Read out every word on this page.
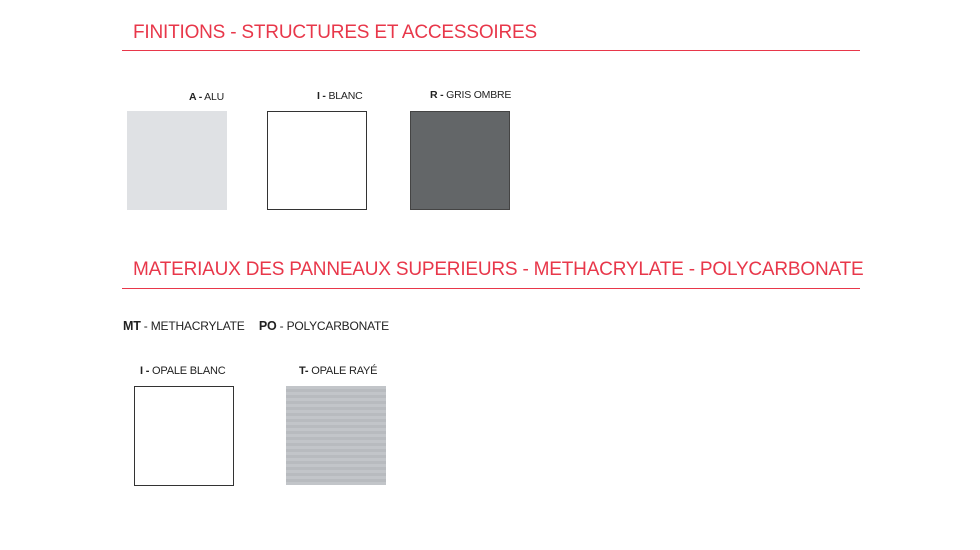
FINITIONS - STRUCTURES ET ACCESSOIRES
A - ALU	I - BLANC	R - GRIS OMBRE
MATERIAUX DES PANNEAUX SUPERIEURS - METHACRYLATE - POLYCARBONATE
MT - METHACRYLATE PO - POLYCARBONATE
I - OPALE BLANC	T- OPALE RAYÉ
